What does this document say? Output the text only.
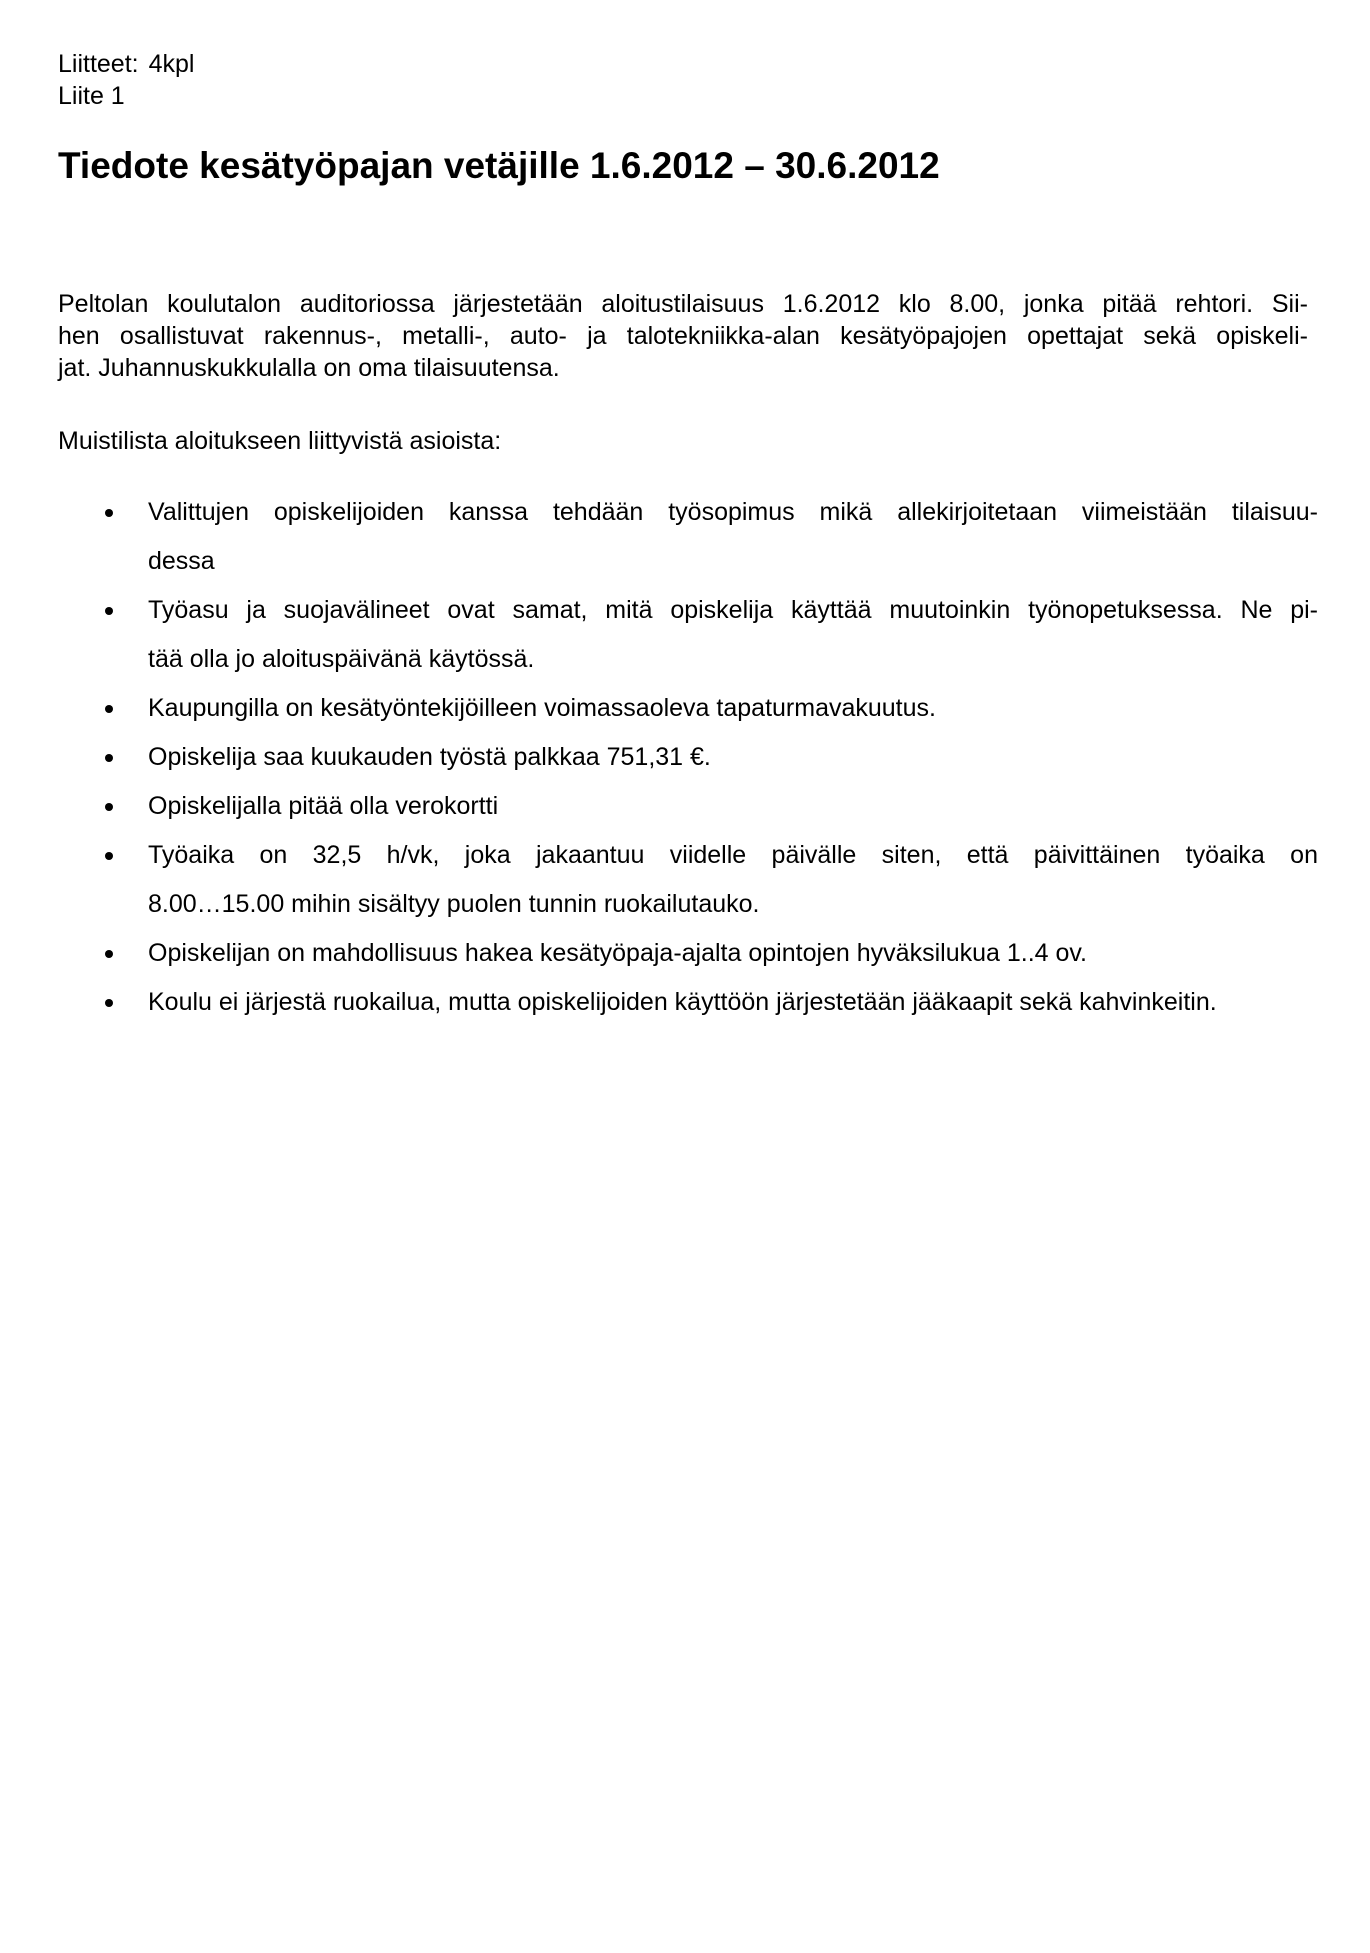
Liitteet: 4kpl
Liite 1
Tiedote kesätyöpajan vetäjille 1.6.2012 – 30.6.2012

Peltolan koulutalon auditoriossa järjestetään aloitustilaisuus 1.6.2012 klo 8.00, jonka pitää rehtori. Sii-
hen osallistuvat rakennus-, metalli-, auto- ja talotekniikka-alan kesätyöpajojen opettajat sekä opiskeli-
jat. Juhannuskukkulalla on oma tilaisuutensa.

Muistilista aloitukseen liittyvistä asioista:

Valittujen opiskelijoiden kanssa tehdään työsopimus mikä allekirjoitetaan viimeistään tilaisuu-
dessa
Työasu ja suojavälineet ovat samat, mitä opiskelija käyttää muutoinkin työnopetuksessa. Ne pi-
tää olla jo aloituspäivänä käytössä.
Kaupungilla on kesätyöntekijöilleen voimassaoleva tapaturmavakuutus.
Opiskelija saa kuukauden työstä palkkaa 751,31 €.
Opiskelijalla pitää olla verokortti
Työaika on 32,5 h/vk, joka jakaantuu viidelle päivälle siten, että päivittäinen työaika on
8.00…15.00 mihin sisältyy puolen tunnin ruokailutauko.
Opiskelijan on mahdollisuus hakea kesätyöpaja-ajalta opintojen hyväksilukua 1..4 ov.
Koulu ei järjestä ruokailua, mutta opiskelijoiden käyttöön järjestetään jääkaapit sekä kahvinkeitin.
